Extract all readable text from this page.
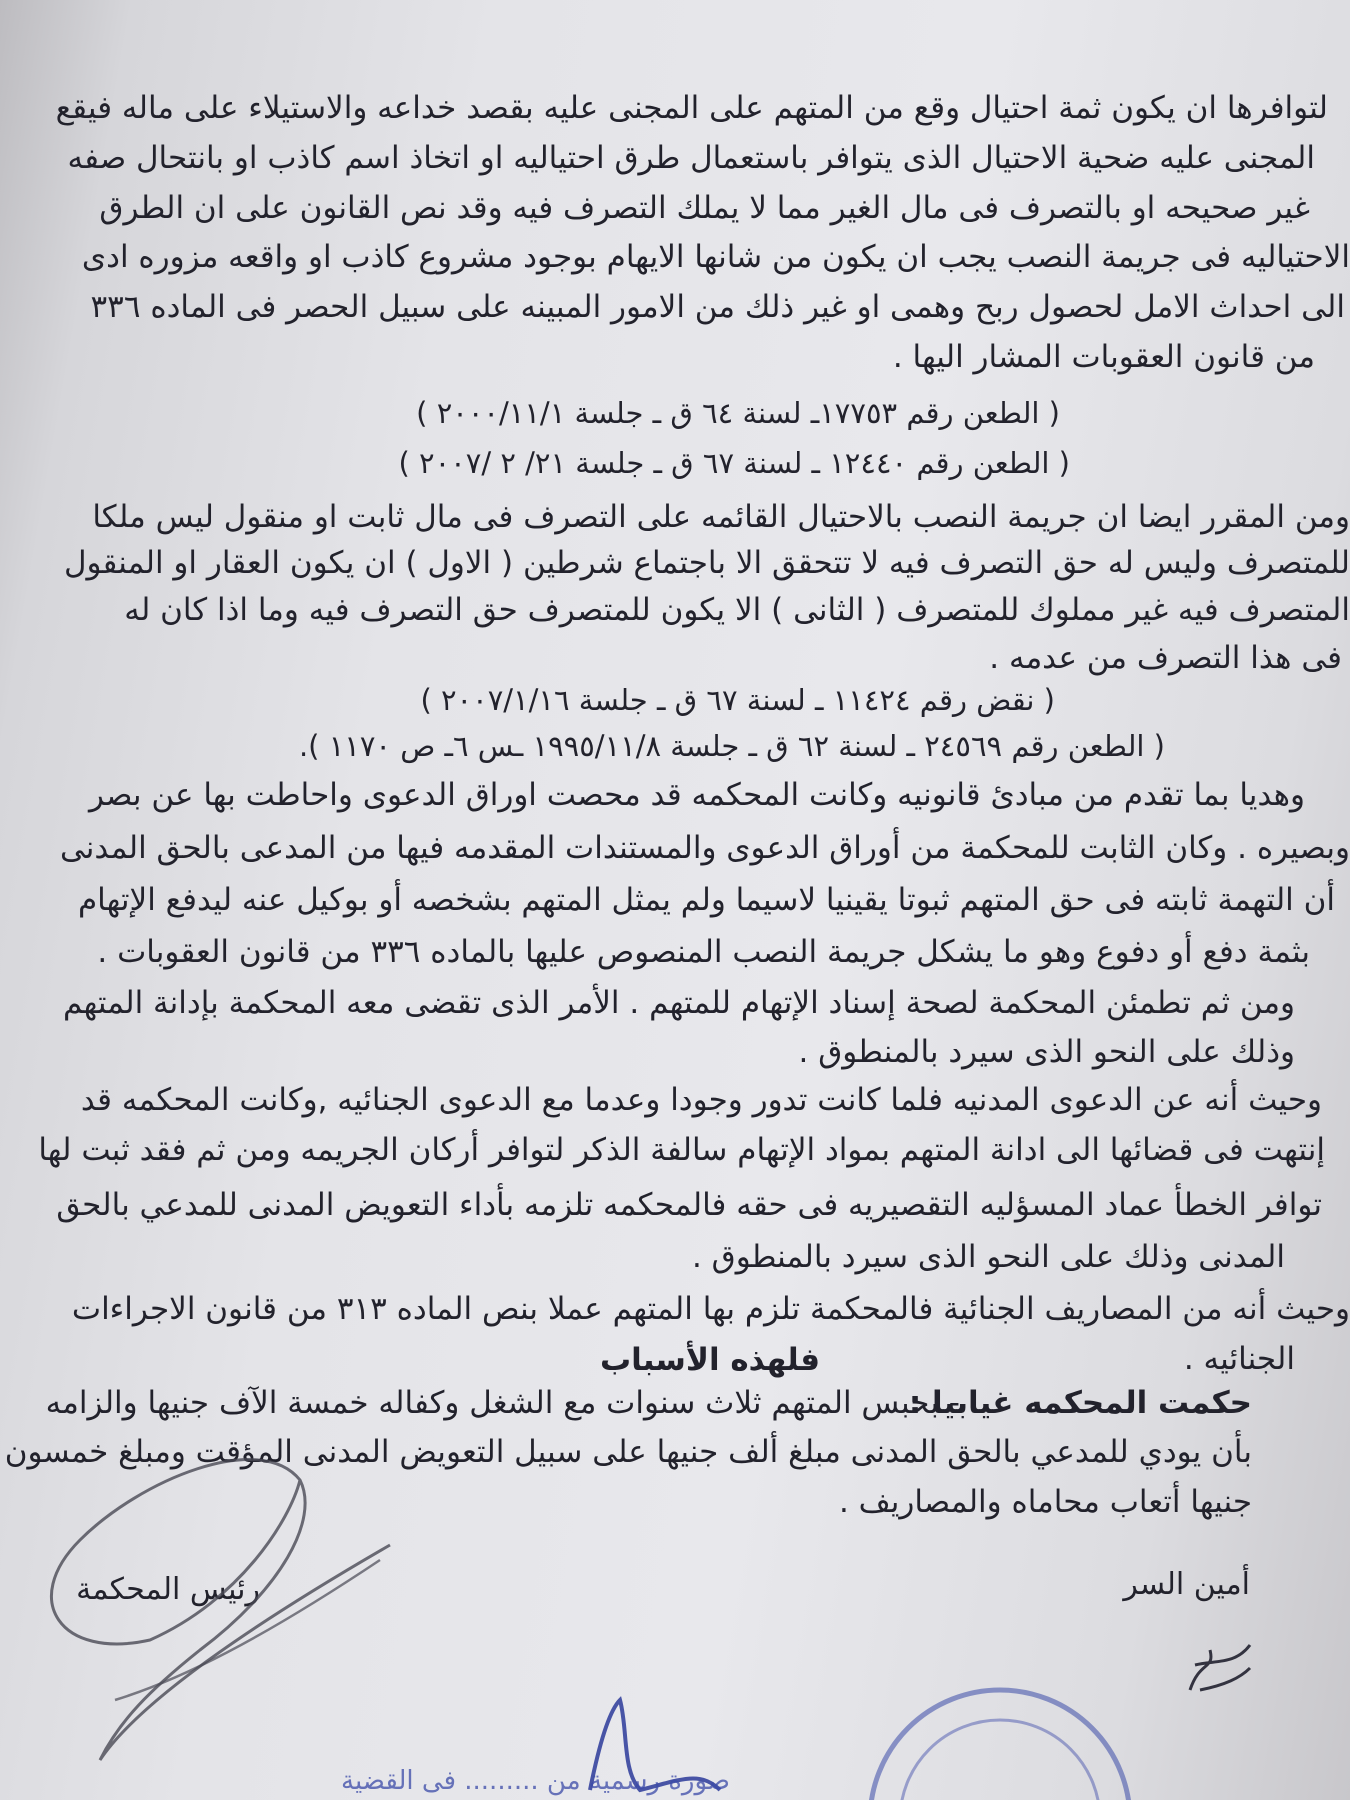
لتوافرها ان يكون ثمة احتيال وقع من المتهم على المجنى عليه بقصد خداعه والاستيلاء على ماله فيقع
المجنى عليه ضحية الاحتيال الذى يتوافر باستعمال طرق احتياليه او اتخاذ اسم كاذب او بانتحال صفه
غير صحيحه او بالتصرف فى مال الغير مما لا يملك التصرف فيه وقد نص القانون على ان الطرق
الاحتياليه فى جريمة النصب يجب ان يكون من شانها الايهام بوجود مشروع كاذب او واقعه مزوره ادى
الى احداث الامل لحصول ربح وهمى او غير ذلك من الامور المبينه على سبيل الحصر فى الماده ٣٣٦
من قانون العقوبات المشار اليها .
( الطعن رقم ١٧٧٥٣ـ لسنة ٦٤ ق ـ جلسة ٢٠٠٠/١١/١ )
( الطعن رقم ١٢٤٤٠ ـ لسنة ٦٧ ق ـ جلسة ٢١/ ٢ /٢٠٠٧ )
ومن المقرر ايضا ان جريمة النصب بالاحتيال القائمه على التصرف فى مال ثابت او منقول ليس ملكا
للمتصرف وليس له حق التصرف فيه لا تتحقق الا باجتماع شرطين ( الاول ) ان يكون العقار او المنقول
المتصرف فيه غير مملوك للمتصرف ( الثانى ) الا يكون للمتصرف حق التصرف فيه وما اذا كان له
فى هذا التصرف من عدمه .
( نقض رقم ١١٤٢٤ ـ لسنة ٦٧ ق ـ جلسة ٢٠٠٧/١/١٦ )
( الطعن رقم ٢٤٥٦٩ ـ لسنة ٦٢ ق ـ جلسة ١٩٩٥/١١/٨ ـس ٦ـ ص ١١٧٠ ).
وهديا بما تقدم من مبادئ قانونيه وكانت المحكمه قد محصت اوراق الدعوى واحاطت بها عن بصر
وبصيره . وكان الثابت للمحكمة من أوراق الدعوى والمستندات المقدمه فيها من المدعى بالحق المدنى
أن التهمة ثابته فى حق المتهم ثبوتا يقينيا لاسيما ولم يمثل المتهم بشخصه أو بوكيل عنه ليدفع الإتهام
بثمة دفع أو دفوع وهو ما يشكل جريمة النصب المنصوص عليها بالماده ٣٣٦ من قانون العقوبات .
ومن ثم تطمئن المحكمة لصحة إسناد الإتهام للمتهم . الأمر الذى تقضى معه المحكمة بإدانة المتهم
وذلك على النحو الذى سيرد بالمنطوق .
وحيث أنه عن الدعوى المدنيه فلما كانت تدور وجودا وعدما مع الدعوى الجنائيه ,وكانت المحكمه قد
إنتهت فى قضائها الى ادانة المتهم بمواد الإتهام سالفة الذكر لتوافر أركان الجريمه ومن ثم فقد ثبت لها
توافر الخطأ عماد المسؤليه التقصيريه فى حقه فالمحكمه تلزمه بأداء التعويض المدنى للمدعي بالحق
المدنى وذلك على النحو الذى سيرد بالمنطوق .
وحيث أنه من المصاريف الجنائية فالمحكمة تلزم بها المتهم عملا بنص الماده ٣١٣ من قانون الاجراءات
الجنائيه .
فلهذه الأسباب
حكمت المحكمه غيابيا :
- بحبس المتهم ثلاث سنوات مع الشغل وكفاله خمسة الآف جنيها والزامه
بأن يودي للمدعي بالحق المدنى مبلغ ألف جنيها على سبيل التعويض المدنى المؤقت ومبلغ خمسون
جنيها أتعاب محاماه والمصاريف .
أمين السر
رئيس المحكمة
صورة رسمية من ......... فى القضية
